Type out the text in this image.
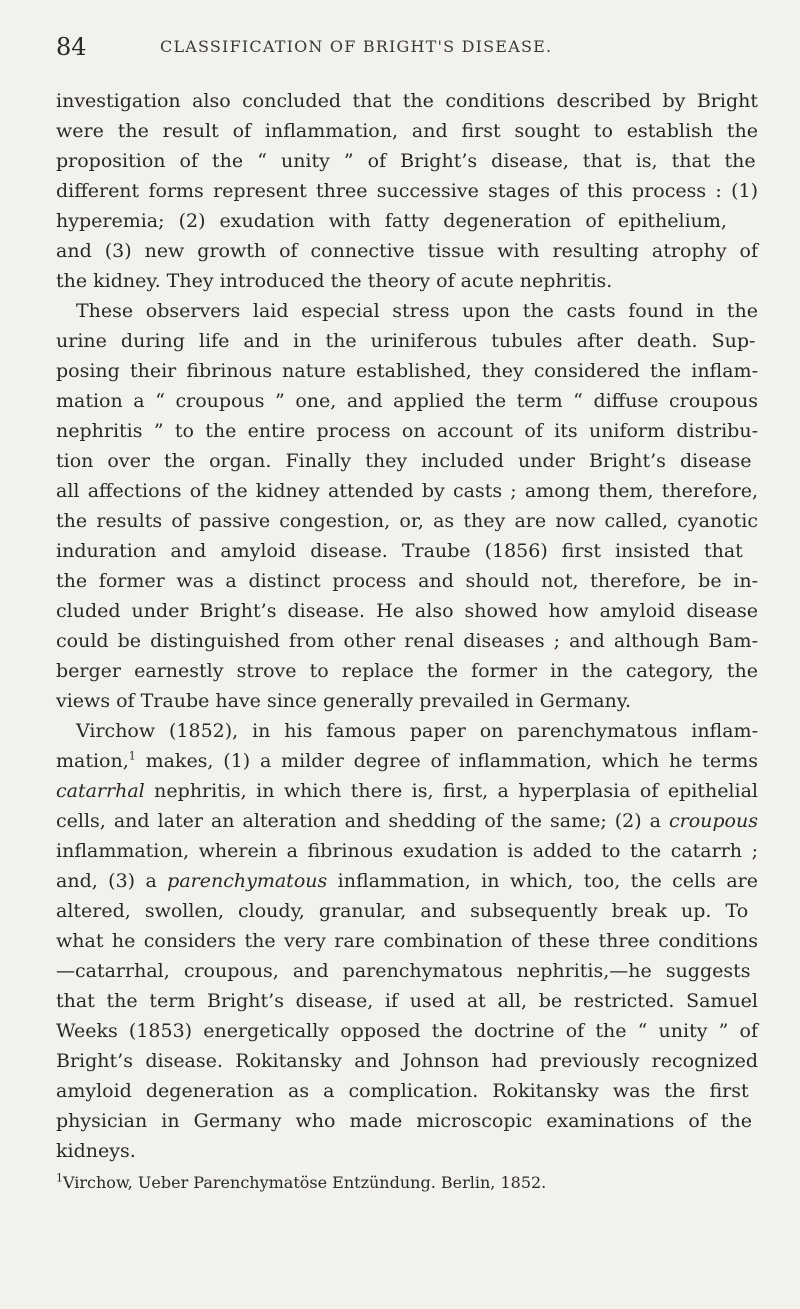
84	CLASSIFICATION OF BRIGHT'S DISEASE.
investigation also concluded that the conditions described by Bright
were the result of inflammation, and first sought to establish the
proposition of the “ unity ” of Bright’s disease, that is, that the
different forms represent three successive stages of this process : (1)
hyperemia; (2) exudation with fatty degeneration of epithelium,
and (3) new growth of connective tissue with resulting atrophy of
the kidney. They introduced the theory of acute nephritis.
These observers laid especial stress upon the casts found in the
urine during life and in the uriniferous tubules after death. Sup-
posing their fibrinous nature established, they considered the inflam-
mation a “ croupous ” one, and applied the term “ diffuse croupous
nephritis ” to the entire process on account of its uniform distribu-
tion over the organ. Finally they included under Bright’s disease
all affections of the kidney attended by casts ; among them, therefore,
the results of passive congestion, or, as they are now called, cyanotic
induration and amyloid disease. Traube (1856) first insisted that
the former was a distinct process and should not, therefore, be in-
cluded under Bright’s disease. He also showed how amyloid disease
could be distinguished from other renal diseases ; and although Bam-
berger earnestly strove to replace the former in the category, the
views of Traube have since generally prevailed in Germany.
Virchow (1852), in his famous paper on parenchymatous inflam-
mation,$^1$ makes, (1) a milder degree of inflammation, which he terms
catarrhal nephritis, in which there is, first, a hyperplasia of epithelial
cells, and later an alteration and shedding of the same; (2) a croupous
inflammation, wherein a fibrinous exudation is added to the catarrh ;
and, (3) a parenchymatous inflammation, in which, too, the cells are
altered, swollen, cloudy, granular, and subsequently break up. To
what he considers the very rare combination of these three conditions
—catarrhal, croupous, and parenchymatous nephritis,—he suggests
that the term Bright’s disease, if used at all, be restricted. Samuel
Weeks (1853) energetically opposed the doctrine of the “ unity ” of
Bright’s disease. Rokitansky and Johnson had previously recognized
amyloid degeneration as a complication. Rokitansky was the first
physician in Germany who made microscopic examinations of the
kidneys.
$^1$Virchow, Ueber Parenchymatöse Entzündung. Berlin, 1852.
